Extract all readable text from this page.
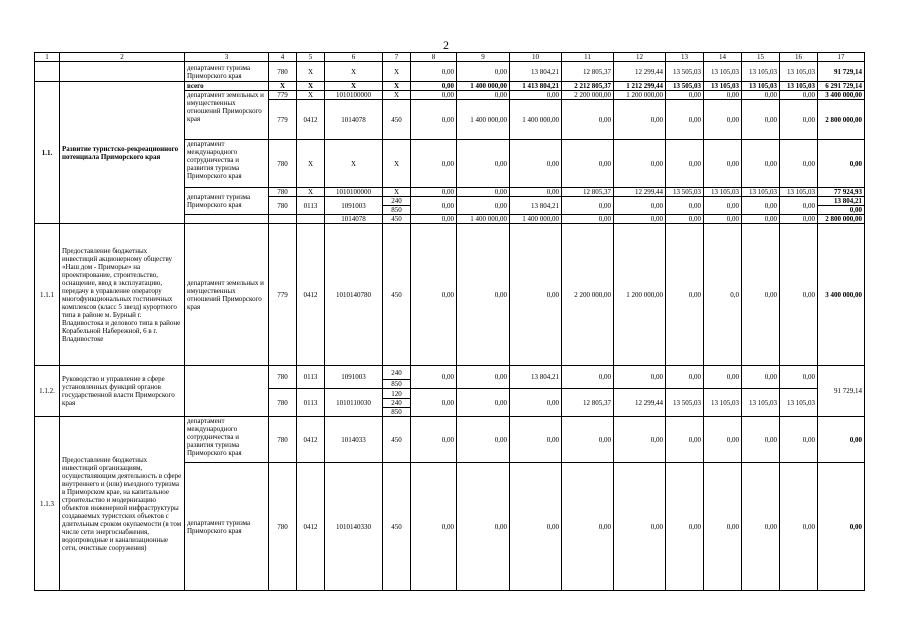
2
1	2	3	4	5	6	7	8	9	10	11	12	13	14	15	16	17
		департамент туризма Приморского края	780	X	X	X	0,00	0,00	13 804,21	12 805,37	12 299,44	13 505,03	13 105,03	13 105,03	13 105,03	91 729,14
1.1.	Развитие туристско-рекреационного потенциала Приморского края	всего	X	X	X	X	0,00	1 400 000,00	1 413 804,21	2 212 805,37	1 212 299,44	13 505,03	13 105,03	13 105,03	13 105,03	6 291 729,14
		департамент земельных и имущественных отношений Приморского края	779	X	1010100000	X	0,00	0,00	0,00	2 200 000,00	1 200 000,00	0,00	0,00	0,00	0,00	3 400 000,00
			779	0412	1014078	450	0,00	1 400 000,00	1 400 000,00	0,00	0,00	0,00	0,00	0,00	0,00	2 800 000,00
		департамент международного сотрудничества и развития туризма Приморского края	780	X	X	X	0,00	0,00	0,00	0,00	0,00	0,00	0,00	0,00	0,00	0,00
		департамент туризма Приморского края	780	X	1010100000	X	0,00	0,00	0,00	12 805,37	12 299,44	13 505,03	13 105,03	13 105,03	13 105,03	77 924,93
			780	0113	1091003	240	0,00	0,00	13 804,21	0,00	0,00	0,00	0,00	0,00	0,00	13 804,21
						850										0,00
					1014078	450	0,00	1 400 000,00	1 400 000,00	0,00	0,00	0,00	0,00	0,00	0,00	2 800 000,00
1.1.1	Предоставление бюджетных инвестиций акционерному обществу «Наш дом - Приморье» на проектирование, строительство, оснащение, ввод в эксплуатацию, передачу в управление оператору многофункциональных гостиничных комплексов (класс 5 звезд) курортного типа в районе м. Бурный г. Владивостока и делового типа в районе Корабельной Набережной, 6 в г. Владивостоке	департамент земельных и имущественных отношений Приморского края	779	0412	1010140780	450	0,00	0,00	0,00	2 200 000,00	1 200 000,00	0,00	0,0	0,00	0,00	3 400 000,00
1.1.2.	Руководство и управление в сфере установленных функций органов государственной власти Приморского края		780	0113	1091003	240	0,00	0,00	13 804,21	0,00	0,00	0,00	0,00	0,00	0,00	91 729,14
						850										
			780	0113	1010110030	120	0,00	0,00	0,00	12 805,37	12 299,44	13 505,03	13 105,03	13 105,03	13 105,03	
						240										
						850										
1.1.3	Предоставление бюджетных инвестиций организациям, осуществляющим деятельность в сфере внутреннего и (или) въездного туризма в Приморском крае, на капитальное строительство и модернизацию объектов инженерной инфраструктуры создаваемых туристских объектов с длительным сроком окупаемости (в том числе сети энергоснабжения, водопроводные и канализационные сети, очистные сооружения)	департамент международного сотрудничества и развития туризма Приморского края	780	0412	1014033	450	0,00	0,00	0,00	0,00	0,00	0,00	0,00	0,00	0,00	0,00
		департамент туризма Приморского края	780	0412	1010140330	450	0,00	0,00	0,00	0,00	0,00	0,00	0,00	0,00	0,00	0,00
